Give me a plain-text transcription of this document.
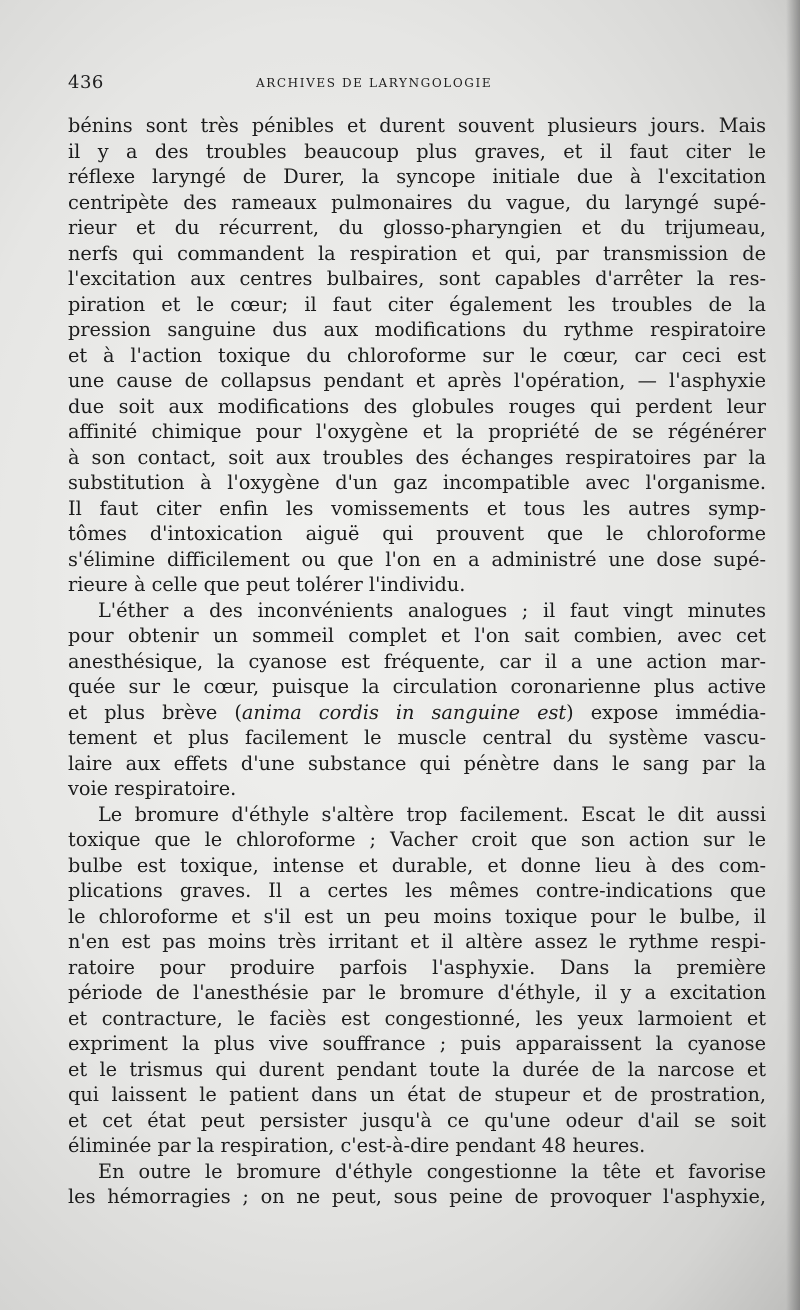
436	ARCHIVES DE LARYNGOLOGIE
bénins sont très pénibles et durent souvent plusieurs jours. Mais
il y a des troubles beaucoup plus graves, et il faut citer le
réflexe laryngé de Durer, la syncope initiale due à l'excitation
centripète des rameaux pulmonaires du vague, du laryngé supé-
rieur et du récurrent, du glosso-pharyngien et du trijumeau,
nerfs qui commandent la respiration et qui, par transmission de
l'excitation aux centres bulbaires, sont capables d'arrêter la res-
piration et le cœur; il faut citer également les troubles de la
pression sanguine dus aux modifications du rythme respiratoire
et à l'action toxique du chloroforme sur le cœur, car ceci est
une cause de collapsus pendant et après l'opération, — l'asphyxie
due soit aux modifications des globules rouges qui perdent leur
affinité chimique pour l'oxygène et la propriété de se régénérer
à son contact, soit aux troubles des échanges respiratoires par la
substitution à l'oxygène d'un gaz incompatible avec l'organisme.
Il faut citer enfin les vomissements et tous les autres symp-
tômes d'intoxication aiguë qui prouvent que le chloroforme
s'élimine difficilement ou que l'on en a administré une dose supé-
rieure à celle que peut tolérer l'individu.
L'éther a des inconvénients analogues ; il faut vingt minutes
pour obtenir un sommeil complet et l'on sait combien, avec cet
anesthésique, la cyanose est fréquente, car il a une action mar-
quée sur le cœur, puisque la circulation coronarienne plus active
et plus brève (anima cordis in sanguine est) expose immédia-
tement et plus facilement le muscle central du système vascu-
laire aux effets d'une substance qui pénètre dans le sang par la
voie respiratoire.
Le bromure d'éthyle s'altère trop facilement. Escat le dit aussi
toxique que le chloroforme ; Vacher croit que son action sur le
bulbe est toxique, intense et durable, et donne lieu à des com-
plications graves. Il a certes les mêmes contre-indications que
le chloroforme et s'il est un peu moins toxique pour le bulbe, il
n'en est pas moins très irritant et il altère assez le rythme respi-
ratoire pour produire parfois l'asphyxie. Dans la première
période de l'anesthésie par le bromure d'éthyle, il y a excitation
et contracture, le faciès est congestionné, les yeux larmoient et
expriment la plus vive souffrance ; puis apparaissent la cyanose
et le trismus qui durent pendant toute la durée de la narcose et
qui laissent le patient dans un état de stupeur et de prostration,
et cet état peut persister jusqu'à ce qu'une odeur d'ail se soit
éliminée par la respiration, c'est-à-dire pendant 48 heures.
En outre le bromure d'éthyle congestionne la tête et favorise
les hémorragies ; on ne peut, sous peine de provoquer l'asphyxie,
